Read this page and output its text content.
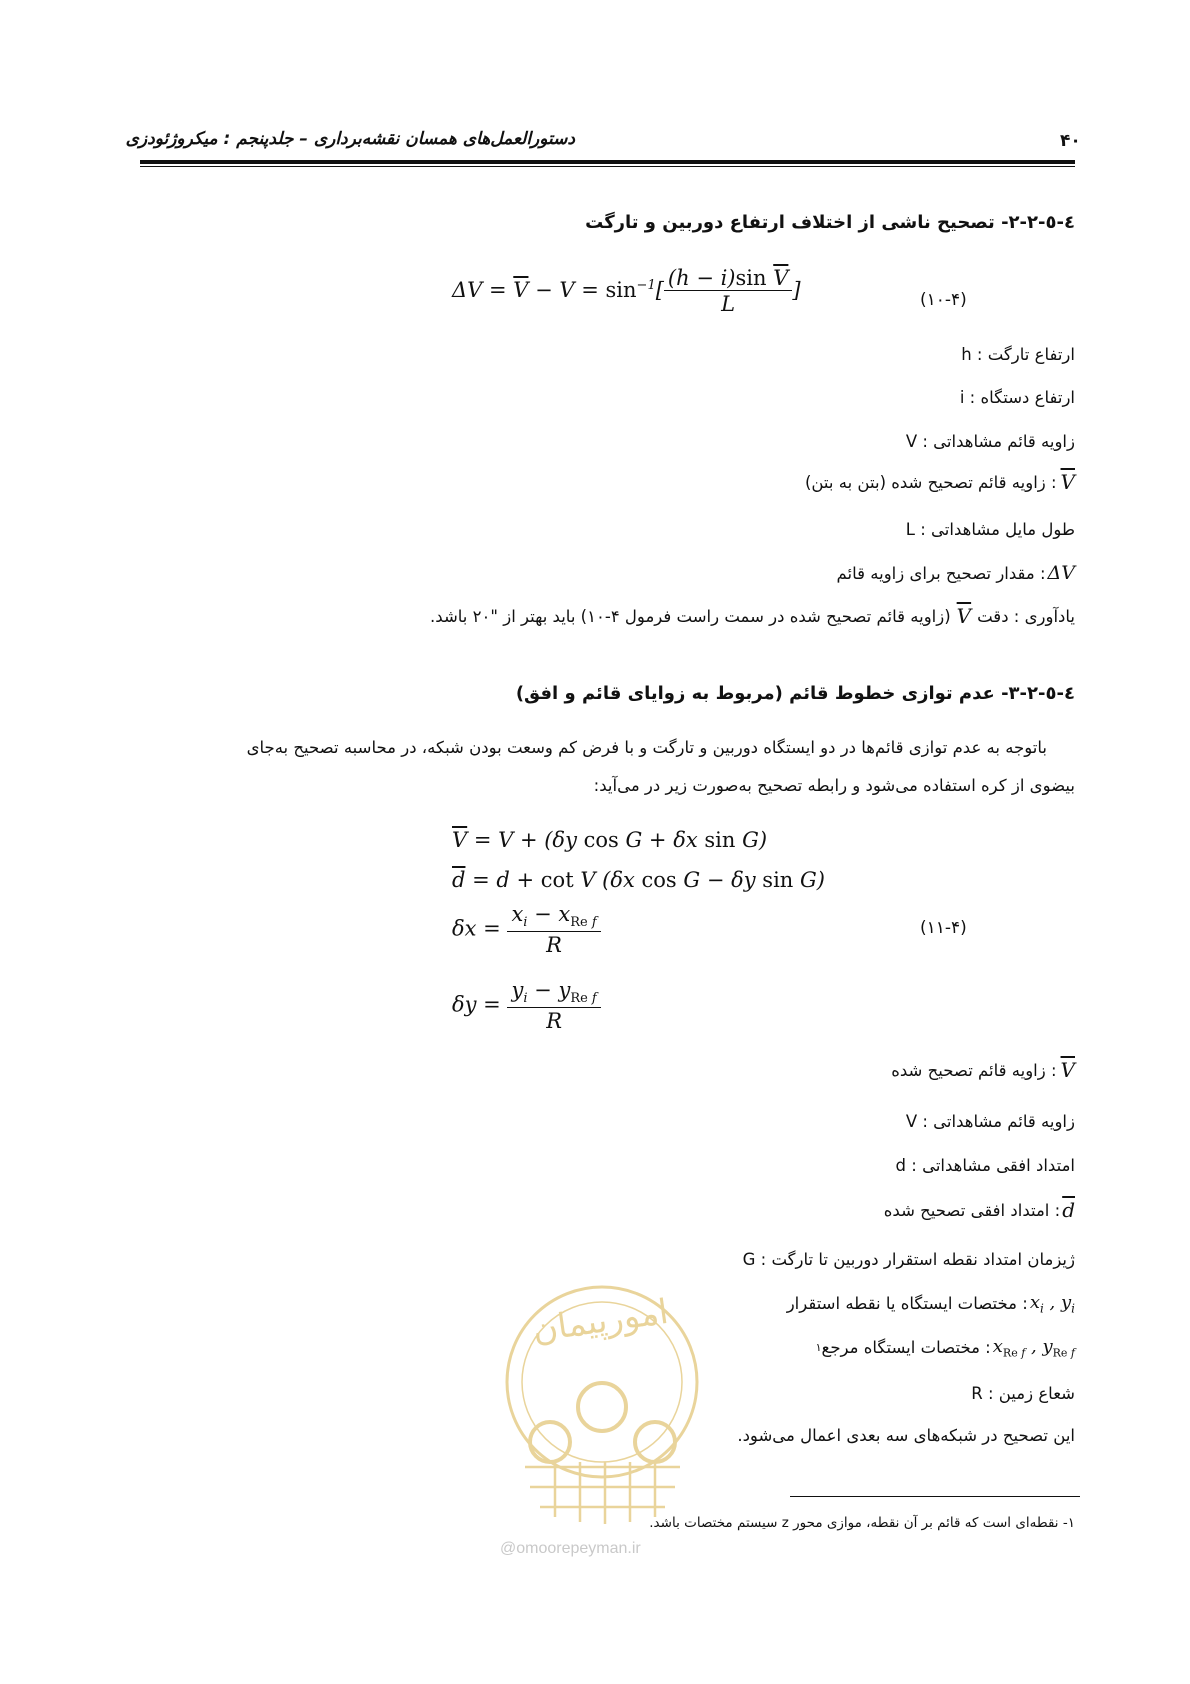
دستورالعمل‌های همسان نقشه‌برداری – جلدپنجم : میکروژئودزی	۴۰
٤-٥-٢-٢- تصحیح ناشی از اختلاف ارتفاع دوربین و تارگت
$\Delta V = \overline{V} - V = \sin^{-1}[ \frac{(h - i)\sin \overline{V}}{L}$ ]	(۱۰-۴)
h : ارتفاع تارگت
i : ارتفاع دستگاه
V : زاویه قائم مشاهداتی
$\overline{V}$
: زاویه قائم تصحیح شده (بتن به بتن)
L : طول مایل مشاهداتی
ΔV
: مقدار تصحیح برای زاویه قائم
یادآوری : دقت
$\overline{V}$
(زاویه قائم تصحیح شده در سمت راست فرمول ۴-۱۰) باید بهتر از "۲۰ باشد.
٤-٥-٢-٣- عدم توازی خطوط قائم (مربوط به زوایای قائم و افق)
باتوجه به عدم توازی قائم‌ها در دو ایستگاه دوربین و تارگت و با فرض کم وسعت بودن شبکه، در محاسبه تصحیح به‌جای
بیضوی از کره استفاده می‌شود و رابطه تصحیح به‌صورت زیر در می‌آید:
$\overline{V} = V + (\delta y$ cos G + δx sin G)
$\overline{d} = d + \cot V$ (δx cos G − δy sin G)
$\delta x = \frac{x_i - x_{Re f}}{R}$
$\delta y = \frac{y_i - y_{Re f}}{R}$
(۱۱-۴)
$\overline{V}$
: زاویه قائم تصحیح شده
V : زاویه قائم مشاهداتی
d : امتداد افقی مشاهداتی
$\overline{d}$
: امتداد افقی تصحیح شده
G : ژیزمان امتداد نقطه استقرار دوربین تا تارگت
$x_i$ , $y_i$
: مختصات ایستگاه یا نقطه استقرار
$x_{Re f}$ , $y_{Re f}$
: مختصات ایستگاه مرجع
۱
R : شعاع زمین
این تصحیح در شبکه‌های سه بعدی اعمال می‌شود.
امورپیمان
@omoorepeyman.ir
۱- نقطه‌ای است که قائم بر آن نقطه، موازی محور z سیستم مختصات باشد.
